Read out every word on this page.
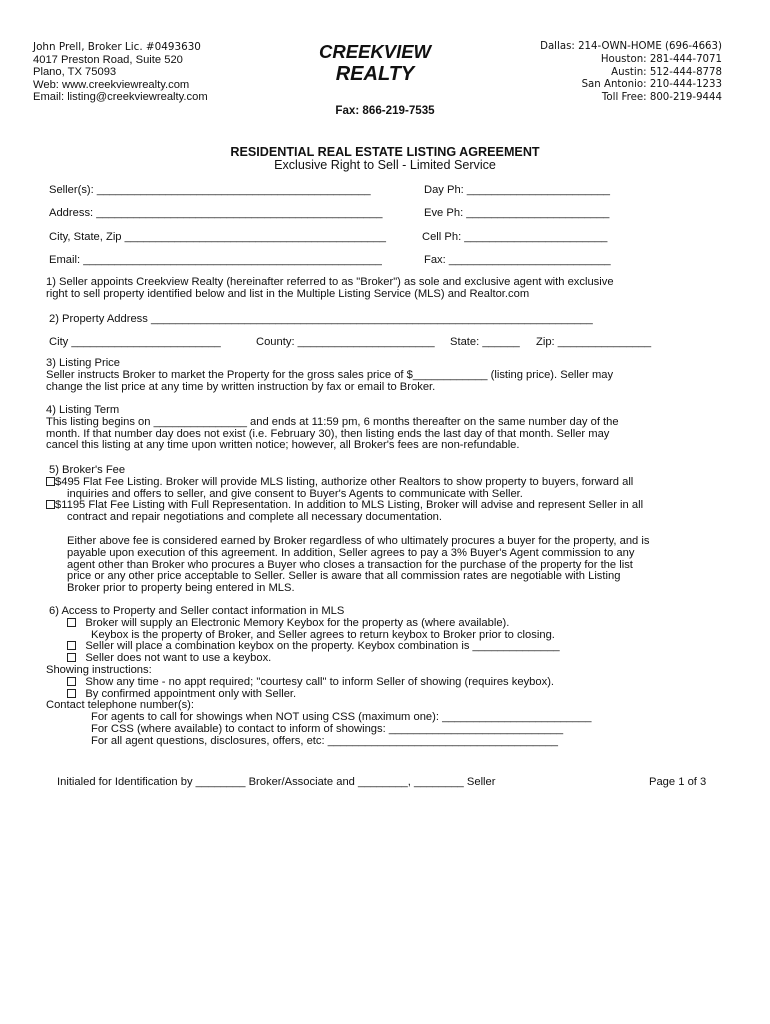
John Prell, Broker Lic. #0493630
4017 Preston Road, Suite 520
Plano, TX 75093
Web: www.creekviewrealty.com
Email: listing@creekviewrealty.com
CREEKVIEW
REALTY
Dallas: 214-OWN-HOME (696-4663)
Houston: 281-444-7071
Austin: 512-444-8778
San Antonio: 210-444-1233
Toll Free: 800-219-9444
Fax: 866-219-7535
RESIDENTIAL REAL ESTATE LISTING AGREEMENT
Exclusive Right to Sell - Limited Service
Seller(s): ____________________________________________	Day Ph: _______________________
Address: ______________________________________________	Eve Ph: _______________________
City, State, Zip __________________________________________	Cell Ph: _______________________
Email: ________________________________________________	Fax: __________________________
1) Seller appoints Creekview Realty (hereinafter referred to as "Broker") as sole and exclusive agent with exclusive
right to sell property identified below and list in the Multiple Listing Service (MLS) and Realtor.com
2) Property Address _______________________________________________________________________
City ________________________	County: ______________________ State: ______ Zip: _______________
3) Listing Price
Seller instructs Broker to market the Property for the gross sales price of $____________ (listing price). Seller may
change the list price at any time by written instruction by fax or email to Broker.
4) Listing Term
This listing begins on _______________ and ends at 11:59 pm, 6 months thereafter on the same number day of the
month. If that number day does not exist (i.e. February 30), then listing ends the last day of that month. Seller may
cancel this listing at any time upon written notice; however, all Broker's fees are non-refundable.
5) Broker's Fee
$495 Flat Fee Listing. Broker will provide MLS listing, authorize other Realtors to show property to buyers, forward all
inquiries and offers to seller, and give consent to Buyer's Agents to communicate with Seller.
$1195 Flat Fee Listing with Full Representation. In addition to MLS Listing, Broker will advise and represent Seller in all
contract and repair negotiations and complete all necessary documentation.
Either above fee is considered earned by Broker regardless of who ultimately procures a buyer for the property, and is
payable upon execution of this agreement. In addition, Seller agrees to pay a 3% Buyer's Agent commission to any
agent other than Broker who procures a Buyer who closes a transaction for the purchase of the property for the list
price or any other price acceptable to Seller. Seller is aware that all commission rates are negotiable with Listing
Broker prior to property being entered in MLS.
6) Access to Property and Seller contact information in MLS
Broker will supply an Electronic Memory Keybox for the property as (where available).
Keybox is the property of Broker, and Seller agrees to return keybox to Broker prior to closing.
Seller will place a combination keybox on the property. Keybox combination is ______________
Seller does not want to use a keybox.
Showing instructions:
Show any time - no appt required; "courtesy call" to inform Seller of showing (requires keybox).
By confirmed appointment only with Seller.
Contact telephone number(s):
For agents to call for showings when NOT using CSS (maximum one): ________________________
For CSS (where available) to contact to inform of showings: ____________________________
For all agent questions, disclosures, offers, etc: _____________________________________
Initialed for Identification by ________ Broker/Associate and ________, ________ Seller	Page 1 of 3
